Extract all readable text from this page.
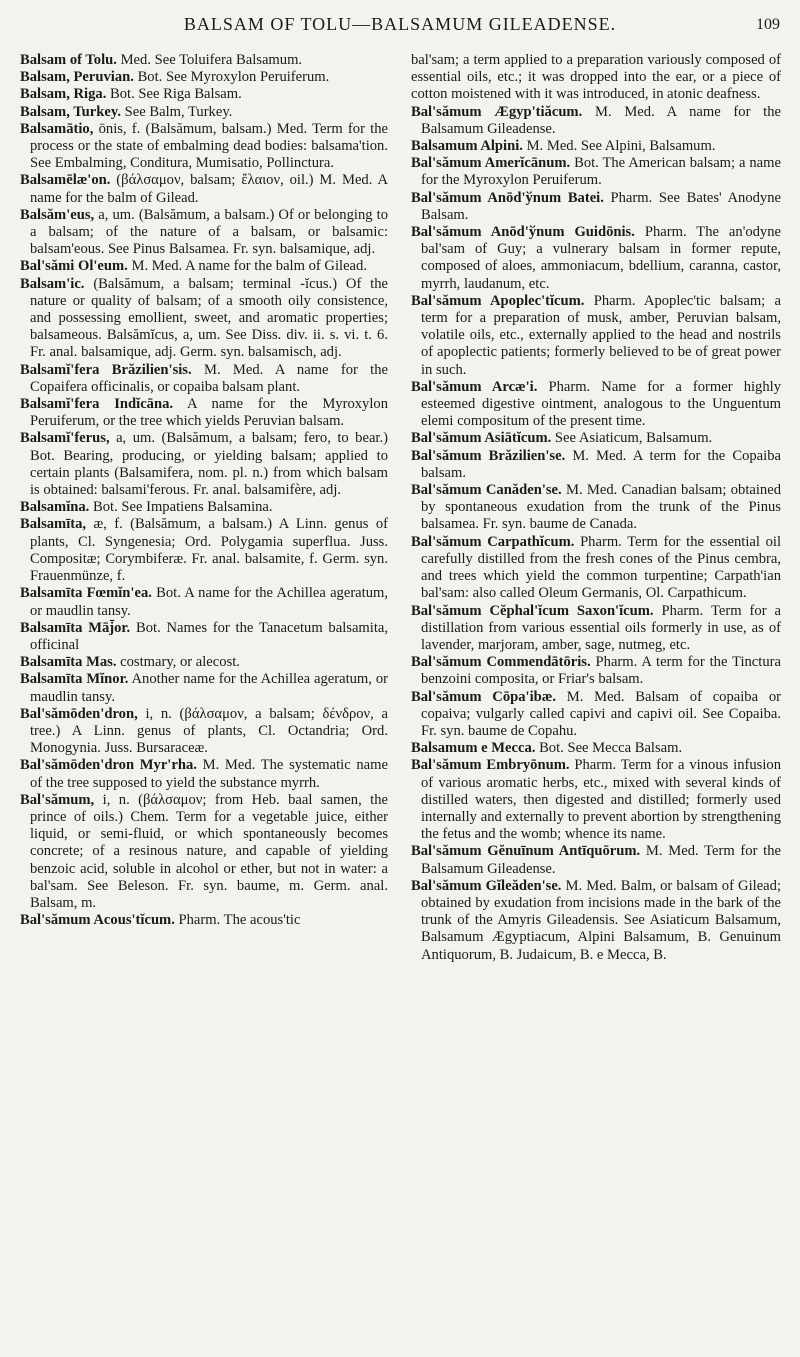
BALSAM OF TOLU—BALSAMUM GILEADENSE.	109

Balsam of Tolu. Med. See Toluifera Balsamum.

Balsam, Peruvian. Bot. See Myroxylon Peruiferum.

Balsam, Riga. Bot. See Riga Balsam.

Balsam, Turkey. See Balm, Turkey.

Balsamātio, ōnis, f. (Balsămum, balsam.) Med. Term for the process or the state of embalming dead bodies: balsama'tion. See Embalming, Conditura, Mumisatio, Pollinctura.

Balsamēlæ'on. (βάλσαμον, balsam; ἔλαιον, oil.) M. Med. A name for the balm of Gilead.

Balsăm'eus, a, um. (Balsămum, a balsam.) Of or belonging to a balsam; of the nature of a balsam, or balsamic: balsam'eous. See Pinus Balsamea. Fr. syn. balsamique, adj.

Bal'sămi Ol'eum. M. Med. A name for the balm of Gilead.

Balsam'ic. (Balsămum, a balsam; terminal -ĭcus.) Of the nature or quality of balsam; of a smooth oily consistence, and possessing emollient, sweet, and aromatic properties; balsameous. Balsămĭcus, a, um. See Diss. div. ii. s. vi. t. 6. Fr. anal. balsamique, adj. Germ. syn. balsamisch, adj.

Balsamĭ'fera Brăzilien'sis. M. Med. A name for the Copaifera officinalis, or copaiba balsam plant.

Balsamĭ'fera Indĭcāna. A name for the Myroxylon Peruiferum, or the tree which yields Peruvian balsam.

Balsamĭ'ferus, a, um. (Balsămum, a balsam; fero, to bear.) Bot. Bearing, producing, or yielding balsam; applied to certain plants (Balsamifera, nom. pl. n.) from which balsam is obtained: balsami'ferous. Fr. anal. balsamifère, adj.

Balsamĭna. Bot. See Impatiens Balsamina.

Balsamīta, æ, f. (Balsămum, a balsam.) A Linn. genus of plants, Cl. Syngenesia; Ord. Polygamia superflua. Juss. Compositæ; Corymbiferæ. Fr. anal. balsamite, f. Germ. syn. Frauenmünze, f.

Balsamīta Fœmĭn'ea. Bot. A name for the Achillea ageratum, or maudlin tansy.

Balsamīta Māj̄or. Bot. Names for the Tanacetum balsamita, officinal

Balsamīta Mas. costmary, or alecost.

Balsamīta Mĭnor. Another name for the Achillea ageratum, or maudlin tansy.

Bal'sămōden'dron, i, n. (βάλσαμον, a balsam; δένδρον, a tree.) A Linn. genus of plants, Cl. Octandria; Ord. Monogynia. Juss. Bursaraceæ.

Bal'sămōden'dron Myr'rha. M. Med. The systematic name of the tree supposed to yield the substance myrrh.

Bal'sămum, i, n. (βάλσαμον; from Heb. baal samen, the prince of oils.) Chem. Term for a vegetable juice, either liquid, or semi-fluid, or which spontaneously becomes concrete; of a resinous nature, and capable of yielding benzoic acid, soluble in alcohol or ether, but not in water: a bal'sam. See Beleson. Fr. syn. baume, m. Germ. anal. Balsam, m.

Bal'sămum Acous'tĭcum. Pharm. The acous'tic

bal'sam; a term applied to a preparation variously composed of essential oils, etc.; it was dropped into the ear, or a piece of cotton moistened with it was introduced, in atonic deafness.

Bal'sămum Ægyp'tiăcum. M. Med. A name for the Balsamum Gileadense.

Balsamum Alpini. M. Med. See Alpini, Balsamum.

Bal'sămum Amerĭcānum. Bot. The American balsam; a name for the Myroxylon Peruiferum.

Bal'sămum Anōd'ўnum Batei. Pharm. See Bates' Anodyne Balsam.

Bal'sămum Anōd'ўnum Guidōnis. Pharm. The an'odyne bal'sam of Guy; a vulnerary balsam in former repute, composed of aloes, ammoniacum, bdellium, caranna, castor, myrrh, laudanum, etc.

Bal'sămum Apoplec'tĭcum. Pharm. Apoplec'tic balsam; a term for a preparation of musk, amber, Peruvian balsam, volatile oils, etc., externally applied to the head and nostrils of apoplectic patients; formerly believed to be of great power in such.

Bal'sămum Arcæ'i. Pharm. Name for a former highly esteemed digestive ointment, analogous to the Unguentum elemi compositum of the present time.

Bal'sămum Asiātĭcum. See Asiaticum, Balsamum.

Bal'sămum Brăzilien'se. M. Med. A term for the Copaiba balsam.

Bal'sămum Canăden'se. M. Med. Canadian balsam; obtained by spontaneous exudation from the trunk of the Pinus balsamea. Fr. syn. baume de Canada.

Bal'sămum Carpathĭcum. Pharm. Term for the essential oil carefully distilled from the fresh cones of the Pinus cembra, and trees which yield the common turpentine; Carpath'ian bal'sam: also called Oleum Germanis, Ol. Carpathicum.

Bal'sămum Cĕphal'ĭcum Saxon'ĭcum. Pharm. Term for a distillation from various essential oils formerly in use, as of lavender, marjoram, amber, sage, nutmeg, etc.

Bal'sămum Commendātōris. Pharm. A term for the Tinctura benzoini composita, or Friar's balsam.

Bal'sămum Cōpa'ibæ. M. Med. Balsam of copaiba or copaiva; vulgarly called capivi and capivi oil. See Copaiba. Fr. syn. baume de Copahu.

Balsamum e Mecca. Bot. See Mecca Balsam.

Bal'sămum Embryōnum. Pharm. Term for a vinous infusion of various aromatic herbs, etc., mixed with several kinds of distilled waters, then digested and distilled; formerly used internally and externally to prevent abortion by strengthening the fetus and the womb; whence its name.

Bal'sămum Gĕnuīnum Antīquōrum. M. Med. Term for the Balsamum Gileadense.

Bal'sămum Gĭleăden'se. M. Med. Balm, or balsam of Gilead; obtained by exudation from incisions made in the bark of the trunk of the Amyris Gileadensis. See Asiaticum Balsamum, Balsamum Ægyptiacum, Alpini Balsamum, B. Genuinum Antiquorum, B. Judaicum, B. e Mecca, B.
